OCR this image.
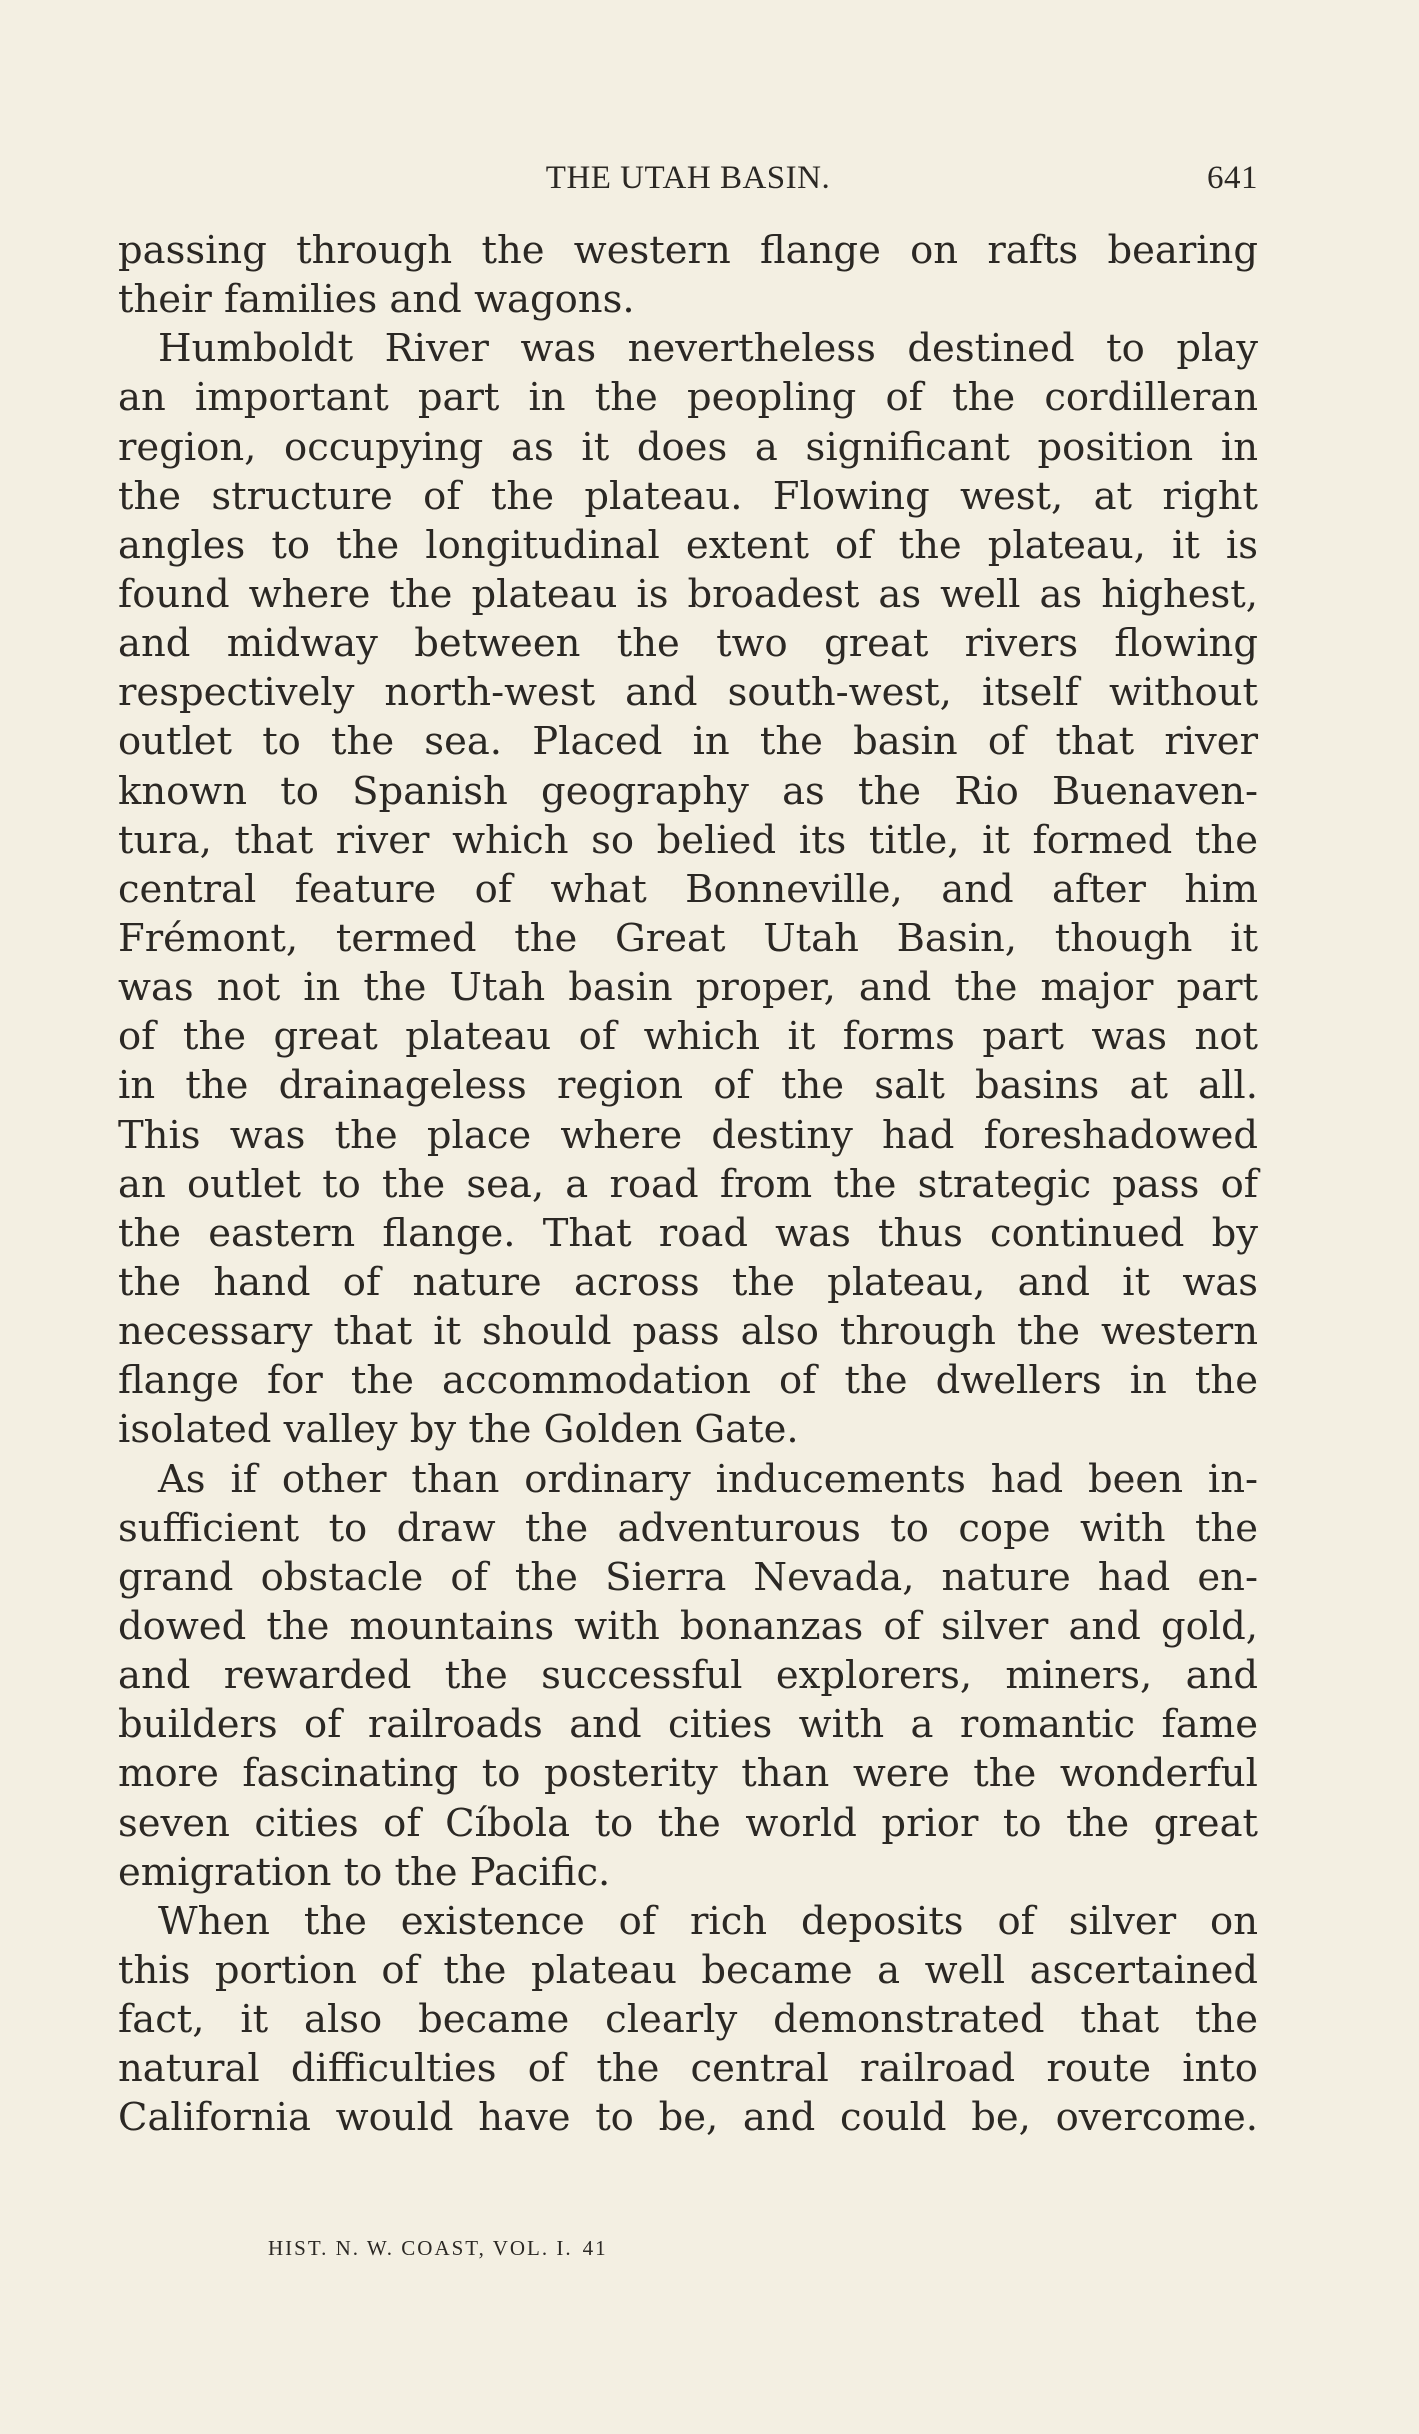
THE UTAH BASIN.	641
passing through the western flange on rafts bearing
their families and wagons.
Humboldt River was nevertheless destined to play
an important part in the peopling of the cordilleran
region, occupying as it does a significant position in
the structure of the plateau. Flowing west, at right
angles to the longitudinal extent of the plateau, it is
found where the plateau is broadest as well as highest,
and midway between the two great rivers flowing
respectively north-west and south-west, itself without
outlet to the sea. Placed in the basin of that river
known to Spanish geography as the Rio Buenaven-
tura, that river which so belied its title, it formed the
central feature of what Bonneville, and after him
Frémont, termed the Great Utah Basin, though it
was not in the Utah basin proper, and the major part
of the great plateau of which it forms part was not
in the drainageless region of the salt basins at all.
This was the place where destiny had foreshadowed
an outlet to the sea, a road from the strategic pass of
the eastern flange. That road was thus continued by
the hand of nature across the plateau, and it was
necessary that it should pass also through the western
flange for the accommodation of the dwellers in the
isolated valley by the Golden Gate.
As if other than ordinary inducements had been in-
sufficient to draw the adventurous to cope with the
grand obstacle of the Sierra Nevada, nature had en-
dowed the mountains with bonanzas of silver and gold,
and rewarded the successful explorers, miners, and
builders of railroads and cities with a romantic fame
more fascinating to posterity than were the wonderful
seven cities of Cíbola to the world prior to the great
emigration to the Pacific.
When the existence of rich deposits of silver on
this portion of the plateau became a well ascertained
fact, it also became clearly demonstrated that the
natural difficulties of the central railroad route into
California would have to be, and could be, overcome.
HIST. N. W. COAST, VOL. I. 41
